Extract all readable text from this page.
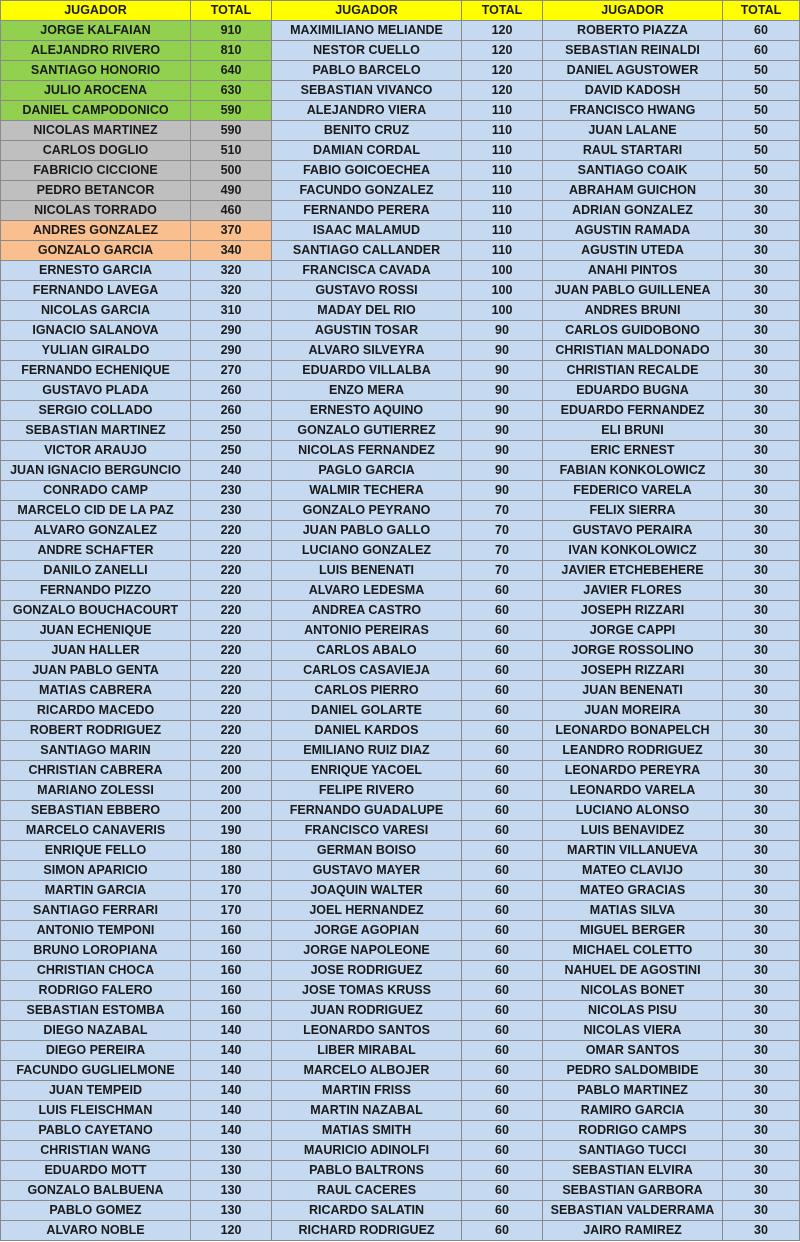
JUGADOR	TOTAL	JUGADOR	TOTAL	JUGADOR	TOTAL
JORGE KALFAIAN	910	MAXIMILIANO MELIANDE	120	ROBERTO PIAZZA	60
ALEJANDRO RIVERO	810	NESTOR CUELLO	120	SEBASTIAN REINALDI	60
SANTIAGO HONORIO	640	PABLO BARCELO	120	DANIEL AGUSTOWER	50
JULIO AROCENA	630	SEBASTIAN VIVANCO	120	DAVID KADOSH	50
DANIEL CAMPODONICO	590	ALEJANDRO VIERA	110	FRANCISCO HWANG	50
NICOLAS MARTINEZ	590	BENITO CRUZ	110	JUAN LALANE	50
CARLOS DOGLIO	510	DAMIAN CORDAL	110	RAUL STARTARI	50
FABRICIO CICCIONE	500	FABIO GOICOECHEA	110	SANTIAGO COAIK	50
PEDRO BETANCOR	490	FACUNDO GONZALEZ	110	ABRAHAM GUICHON	30
NICOLAS TORRADO	460	FERNANDO PERERA	110	ADRIAN GONZALEZ	30
ANDRES GONZALEZ	370	ISAAC MALAMUD	110	AGUSTIN RAMADA	30
GONZALO GARCIA	340	SANTIAGO CALLANDER	110	AGUSTIN UTEDA	30
ERNESTO GARCIA	320	FRANCISCA CAVADA	100	ANAHI PINTOS	30
FERNANDO LAVEGA	320	GUSTAVO ROSSI	100	JUAN PABLO GUILLENEA	30
NICOLAS GARCIA	310	MADAY DEL RIO	100	ANDRES BRUNI	30
IGNACIO SALANOVA	290	AGUSTIN TOSAR	90	CARLOS GUIDOBONO	30
YULIAN GIRALDO	290	ALVARO SILVEYRA	90	CHRISTIAN MALDONADO	30
FERNANDO ECHENIQUE	270	EDUARDO VILLALBA	90	CHRISTIAN RECALDE	30
GUSTAVO PLADA	260	ENZO MERA	90	EDUARDO BUGNA	30
SERGIO COLLADO	260	ERNESTO AQUINO	90	EDUARDO FERNANDEZ	30
SEBASTIAN MARTINEZ	250	GONZALO GUTIERREZ	90	ELI BRUNI	30
VICTOR ARAUJO	250	NICOLAS FERNANDEZ	90	ERIC ERNEST	30
JUAN IGNACIO BERGUNCIO	240	PAGLO GARCIA	90	FABIAN KONKOLOWICZ	30
CONRADO CAMP	230	WALMIR TECHERA	90	FEDERICO VARELA	30
MARCELO CID DE LA PAZ	230	GONZALO PEYRANO	70	FELIX SIERRA	30
ALVARO GONZALEZ	220	JUAN PABLO GALLO	70	GUSTAVO PERAIRA	30
ANDRE SCHAFTER	220	LUCIANO GONZALEZ	70	IVAN KONKOLOWICZ	30
DANILO ZANELLI	220	LUIS BENENATI	70	JAVIER ETCHEBEHERE	30
FERNANDO PIZZO	220	ALVARO LEDESMA	60	JAVIER FLORES	30
GONZALO BOUCHACOURT	220	ANDREA CASTRO	60	JOSEPH RIZZARI	30
JUAN ECHENIQUE	220	ANTONIO PEREIRAS	60	JORGE CAPPI	30
JUAN HALLER	220	CARLOS ABALO	60	JORGE ROSSOLINO	30
JUAN PABLO GENTA	220	CARLOS CASAVIEJA	60	JOSEPH RIZZARI	30
MATIAS CABRERA	220	CARLOS PIERRO	60	JUAN BENENATI	30
RICARDO MACEDO	220	DANIEL GOLARTE	60	JUAN MOREIRA	30
ROBERT RODRIGUEZ	220	DANIEL KARDOS	60	LEONARDO BONAPELCH	30
SANTIAGO MARIN	220	EMILIANO RUIZ DIAZ	60	LEANDRO RODRIGUEZ	30
CHRISTIAN CABRERA	200	ENRIQUE YACOEL	60	LEONARDO PEREYRA	30
MARIANO ZOLESSI	200	FELIPE RIVERO	60	LEONARDO VARELA	30
SEBASTIAN EBBERO	200	FERNANDO GUADALUPE	60	LUCIANO ALONSO	30
MARCELO CANAVERIS	190	FRANCISCO VARESI	60	LUIS BENAVIDEZ	30
ENRIQUE FELLO	180	GERMAN BOISO	60	MARTIN VILLANUEVA	30
SIMON APARICIO	180	GUSTAVO MAYER	60	MATEO CLAVIJO	30
MARTIN GARCIA	170	JOAQUIN WALTER	60	MATEO GRACIAS	30
SANTIAGO FERRARI	170	JOEL HERNANDEZ	60	MATIAS SILVA	30
ANTONIO TEMPONI	160	JORGE AGOPIAN	60	MIGUEL BERGER	30
BRUNO LOROPIANA	160	JORGE NAPOLEONE	60	MICHAEL COLETTO	30
CHRISTIAN CHOCA	160	JOSE RODRIGUEZ	60	NAHUEL DE AGOSTINI	30
RODRIGO FALERO	160	JOSE TOMAS KRUSS	60	NICOLAS BONET	30
SEBASTIAN ESTOMBA	160	JUAN RODRIGUEZ	60	NICOLAS PISU	30
DIEGO NAZABAL	140	LEONARDO SANTOS	60	NICOLAS VIERA	30
DIEGO PEREIRA	140	LIBER MIRABAL	60	OMAR SANTOS	30
FACUNDO GUGLIELMONE	140	MARCELO ALBOJER	60	PEDRO SALDOMBIDE	30
JUAN TEMPEID	140	MARTIN FRISS	60	PABLO MARTINEZ	30
LUIS FLEISCHMAN	140	MARTIN NAZABAL	60	RAMIRO GARCIA	30
PABLO CAYETANO	140	MATIAS SMITH	60	RODRIGO CAMPS	30
CHRISTIAN WANG	130	MAURICIO ADINOLFI	60	SANTIAGO TUCCI	30
EDUARDO MOTT	130	PABLO BALTRONS	60	SEBASTIAN ELVIRA	30
GONZALO BALBUENA	130	RAUL CACERES	60	SEBASTIAN GARBORA	30
PABLO GOMEZ	130	RICARDO SALATIN	60	SEBASTIAN VALDERRAMA	30
ALVARO NOBLE	120	RICHARD RODRIGUEZ	60	JAIRO RAMIREZ	30
